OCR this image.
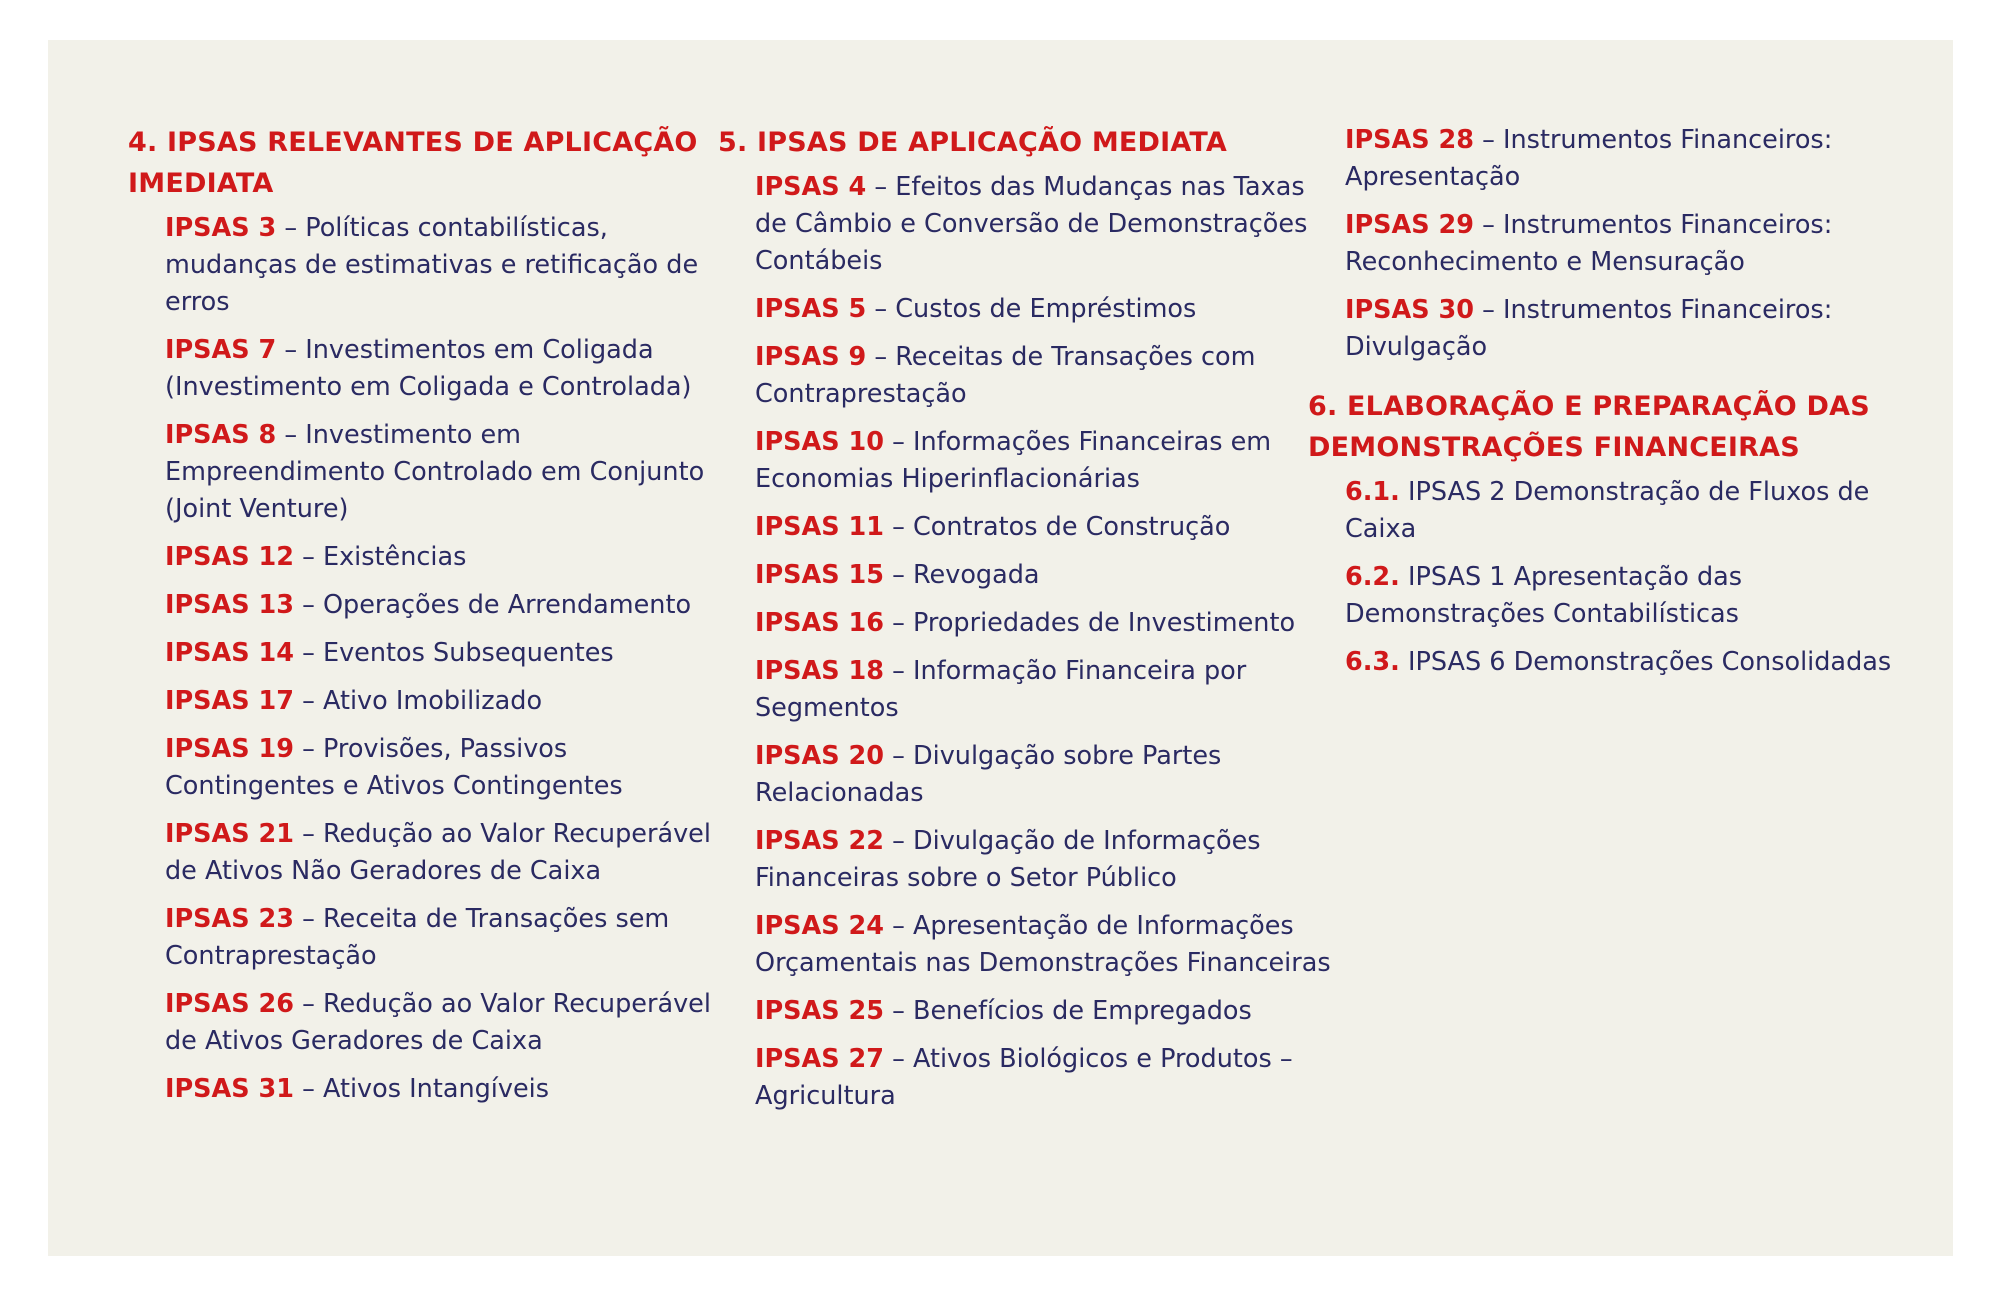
4. IPSAS RELEVANTES DE APLICAÇÃO IMEDIATA
IPSAS 3 – Políticas contabilísticas, mudanças de estimativas e retificação de erros
IPSAS 7 – Investimentos em Coligada (Investimento em Coligada e Controlada)
IPSAS 8 – Investimento em Empreendimento Controlado em Conjunto (Joint Venture)
IPSAS 12 – Existências
IPSAS 13 – Operações de Arrendamento
IPSAS 14 – Eventos Subsequentes
IPSAS 17 – Ativo Imobilizado
IPSAS 19 – Provisões, Passivos Contingentes e Ativos Contingentes
IPSAS 21 – Redução ao Valor Recuperável de Ativos Não Geradores de Caixa
IPSAS 23 – Receita de Transações sem Contraprestação
IPSAS 26 – Redução ao Valor Recuperável de Ativos Geradores de Caixa
IPSAS 31 – Ativos Intangíveis
5. IPSAS DE APLICAÇÃO MEDIATA
IPSAS 4 – Efeitos das Mudanças nas Taxas de Câmbio e Conversão de Demonstrações Contábeis
IPSAS 5 – Custos de Empréstimos
IPSAS 9 – Receitas de Transações com Contraprestação
IPSAS 10 – Informações Financeiras em Economias Hiperinflacionárias
IPSAS 11 – Contratos de Construção
IPSAS 15 – Revogada
IPSAS 16 – Propriedades de Investimento
IPSAS 18 – Informação Financeira por Segmentos
IPSAS 20 – Divulgação sobre Partes Relacionadas
IPSAS 22 – Divulgação de Informações Financeiras sobre o Setor Público
IPSAS 24 – Apresentação de Informações Orçamentais nas Demonstrações Financeiras
IPSAS 25 – Benefícios de Empregados
IPSAS 27 – Ativos Biológicos e Produtos – Agricultura
IPSAS 28 – Instrumentos Financeiros: Apresentação
IPSAS 29 – Instrumentos Financeiros: Reconhecimento e Mensuração
IPSAS 30 – Instrumentos Financeiros: Divulgação
6. ELABORAÇÃO E PREPARAÇÃO DAS DEMONSTRAÇÕES FINANCEIRAS
6.1. IPSAS 2 Demonstração de Fluxos de Caixa
6.2. IPSAS 1 Apresentação das Demonstrações Contabilísticas
6.3. IPSAS 6 Demonstrações Consolidadas
